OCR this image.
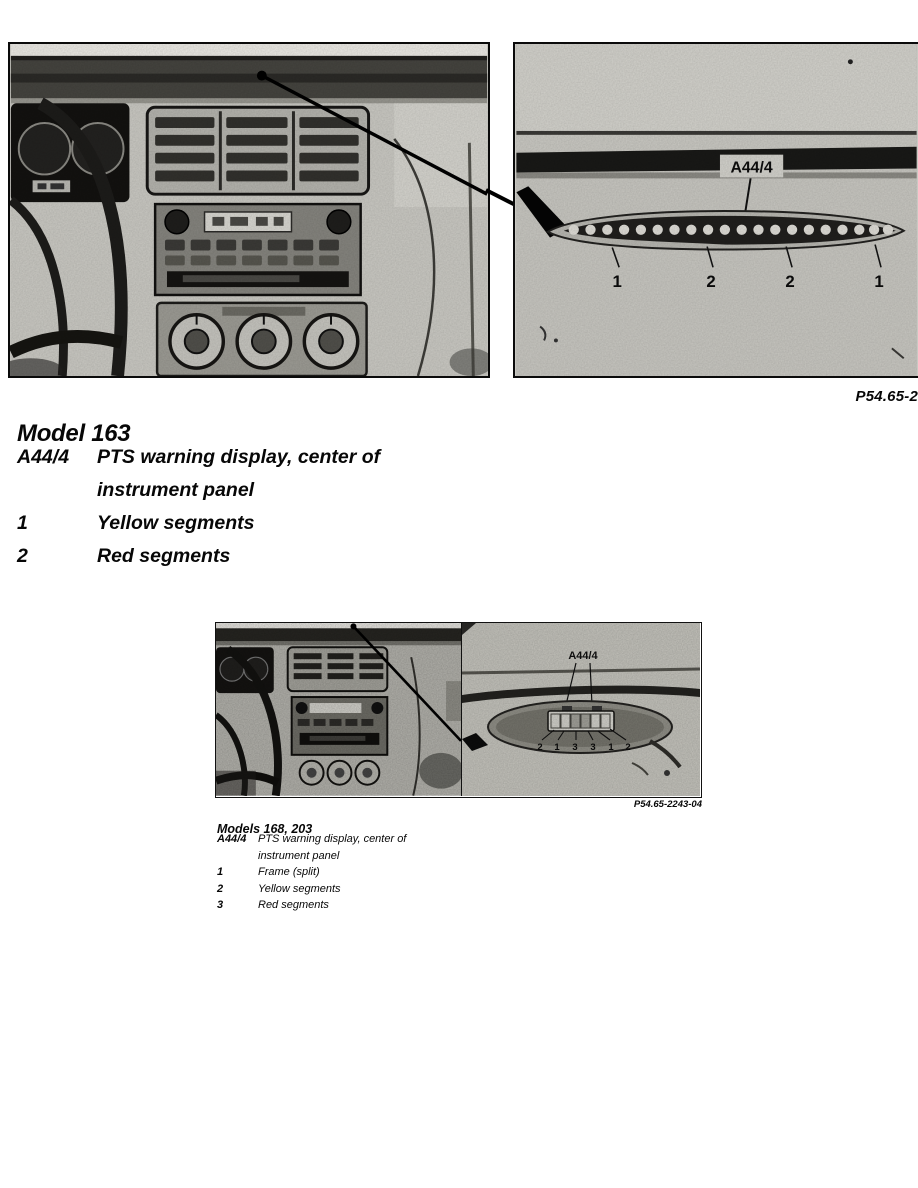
A44/4
1	2	2	1
P54.65-2
Model 163
A44/4	PTS warning display, center of instrument panel
1	Yellow segments
2	Red segments
A44/4
2 1 3 3 1 2
P54.65-2243-04
Models 168, 203
A44/4	PTS warning display, center of instrument panel
1	Frame (split)
2	Yellow segments
3	Red segments
